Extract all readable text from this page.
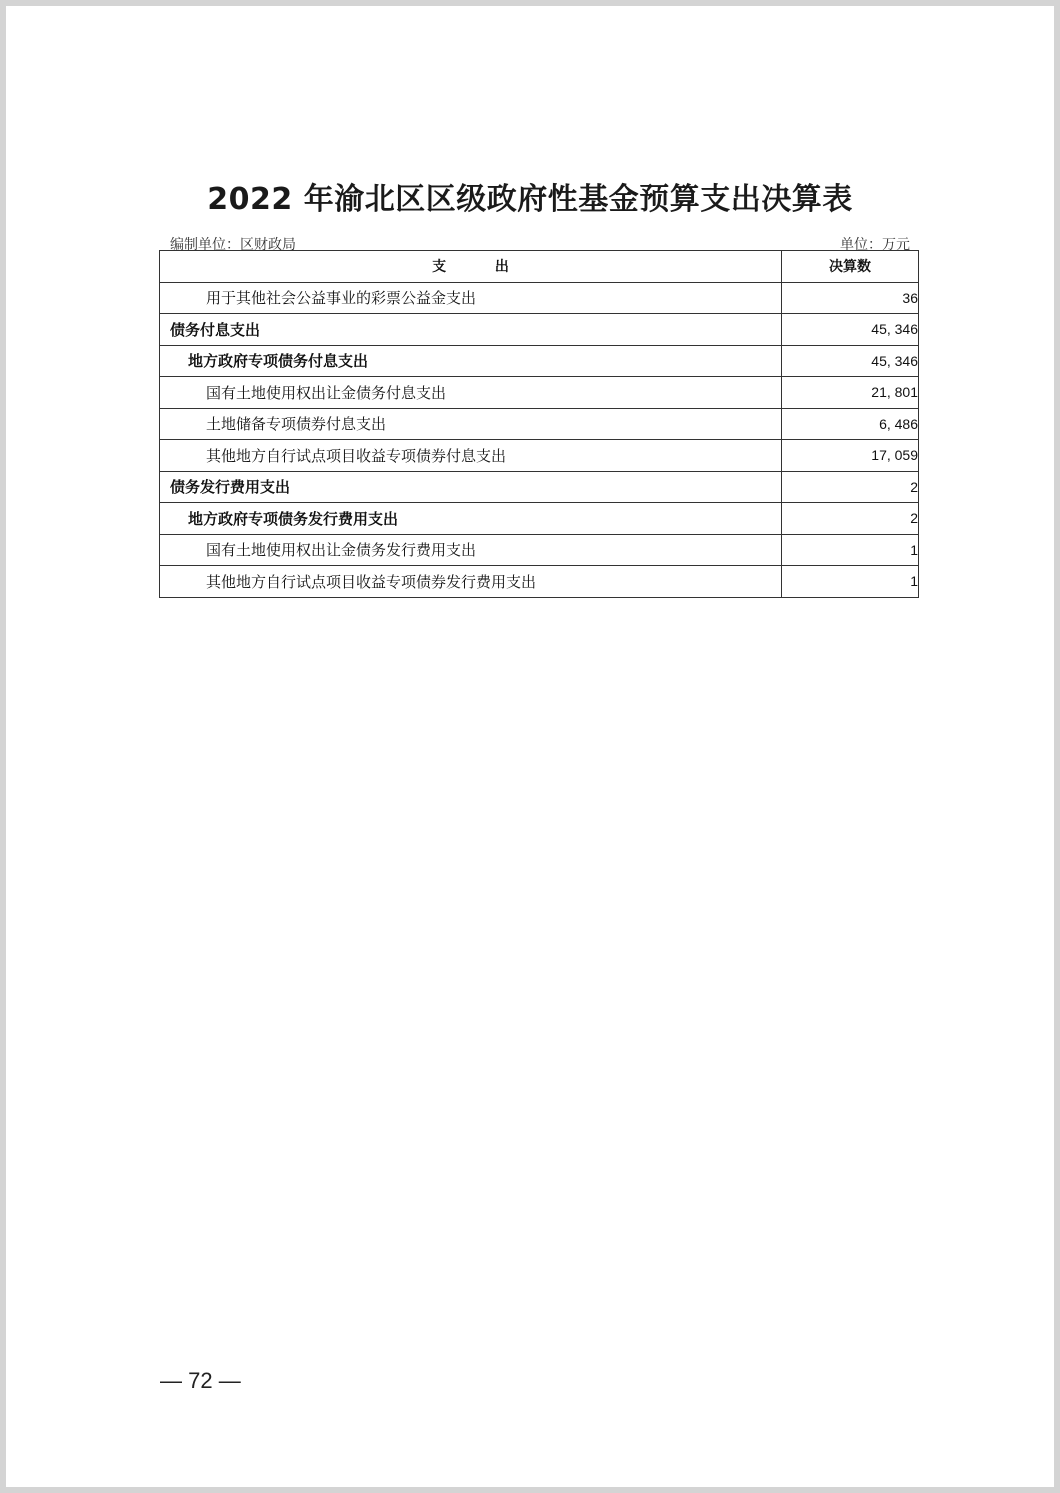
2022 年渝北区区级政府性基金预算支出决算表
编制单位：区财政局	单位：万元
支          出	决算数
用于其他社会公益事业的彩票公益金支出	36
债务付息支出	45, 346
地方政府专项债务付息支出	45, 346
国有土地使用权出让金债务付息支出	21, 801
土地储备专项债券付息支出	6, 486
其他地方自行试点项目收益专项债券付息支出	17, 059
债务发行费用支出	2
地方政府专项债务发行费用支出	2
国有土地使用权出让金债务发行费用支出	1
其他地方自行试点项目收益专项债券发行费用支出	1
— 72 —
